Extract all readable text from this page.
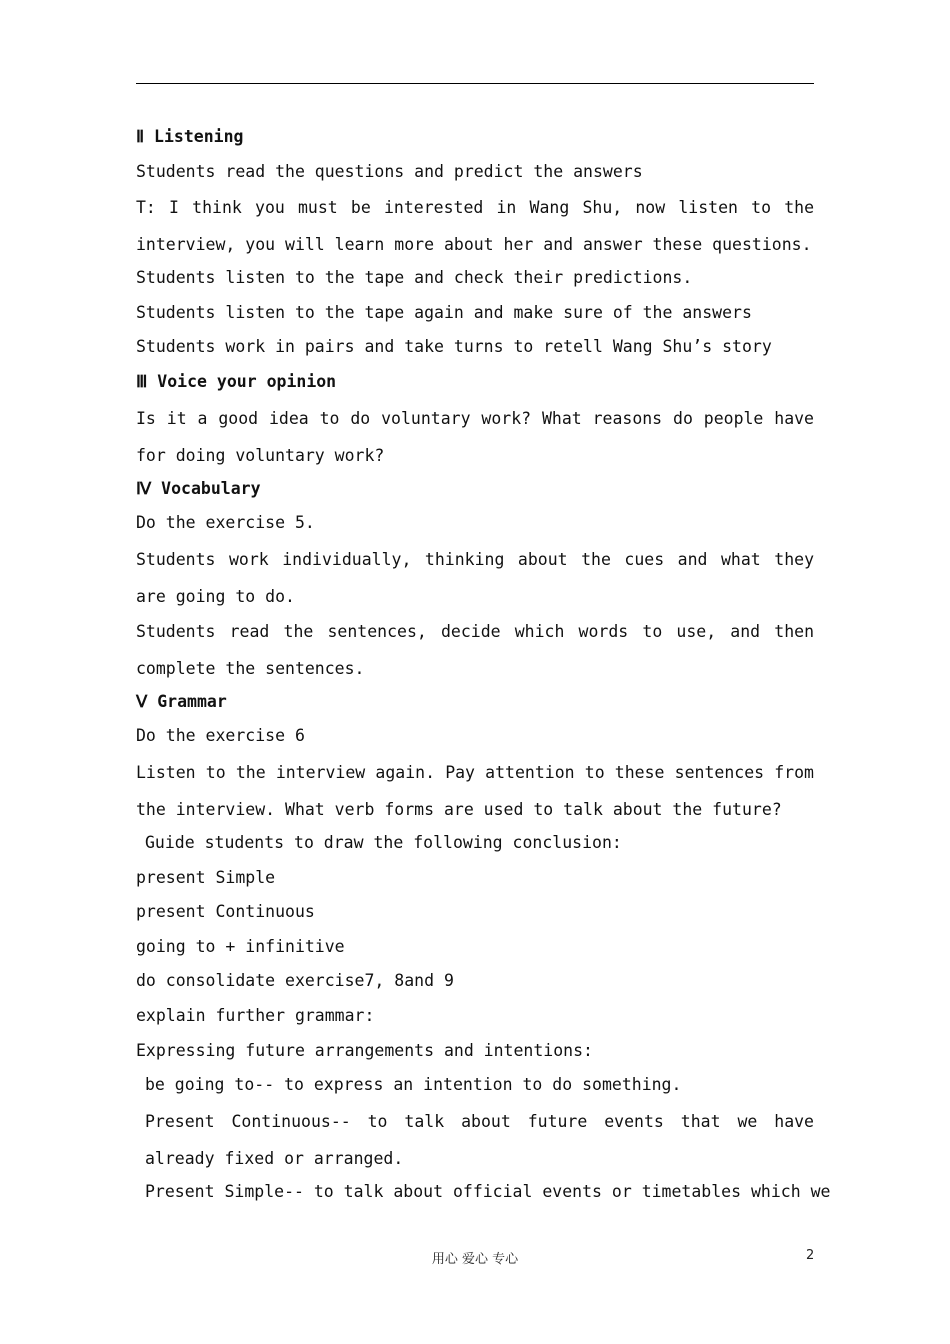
Ⅱ Listening
Students read the questions and predict the answers
T: I think you must be interested in Wang Shu, now listen to the interview, you will learn more about her and answer these questions.
Students listen to the tape and check their predictions.
Students listen to the tape again and make sure of the answers
Students work in pairs and take turns to retell Wang Shu’s story
Ⅲ Voice your opinion
Is it a good idea to do voluntary work? What reasons do people have for doing voluntary work?
Ⅳ Vocabulary
Do the exercise 5.
Students work individually, thinking about the cues and what they are going to do.
Students read the sentences, decide which words to use, and then complete the sentences.
Ⅴ Grammar
Do the exercise 6
Listen to the interview again. Pay attention to these sentences from the interview. What verb forms are used to talk about the future?
Guide students to draw the following conclusion:
present Simple
present Continuous
going to + infinitive
do consolidate exercise7, 8and 9
explain further grammar:
Expressing future arrangements and intentions:
be going to-- to express an intention to do something.
Present Continuous-- to talk about future events that we have already fixed or arranged.
Present Simple-- to talk about official events or timetables which we
用心 爱心 专心	2
